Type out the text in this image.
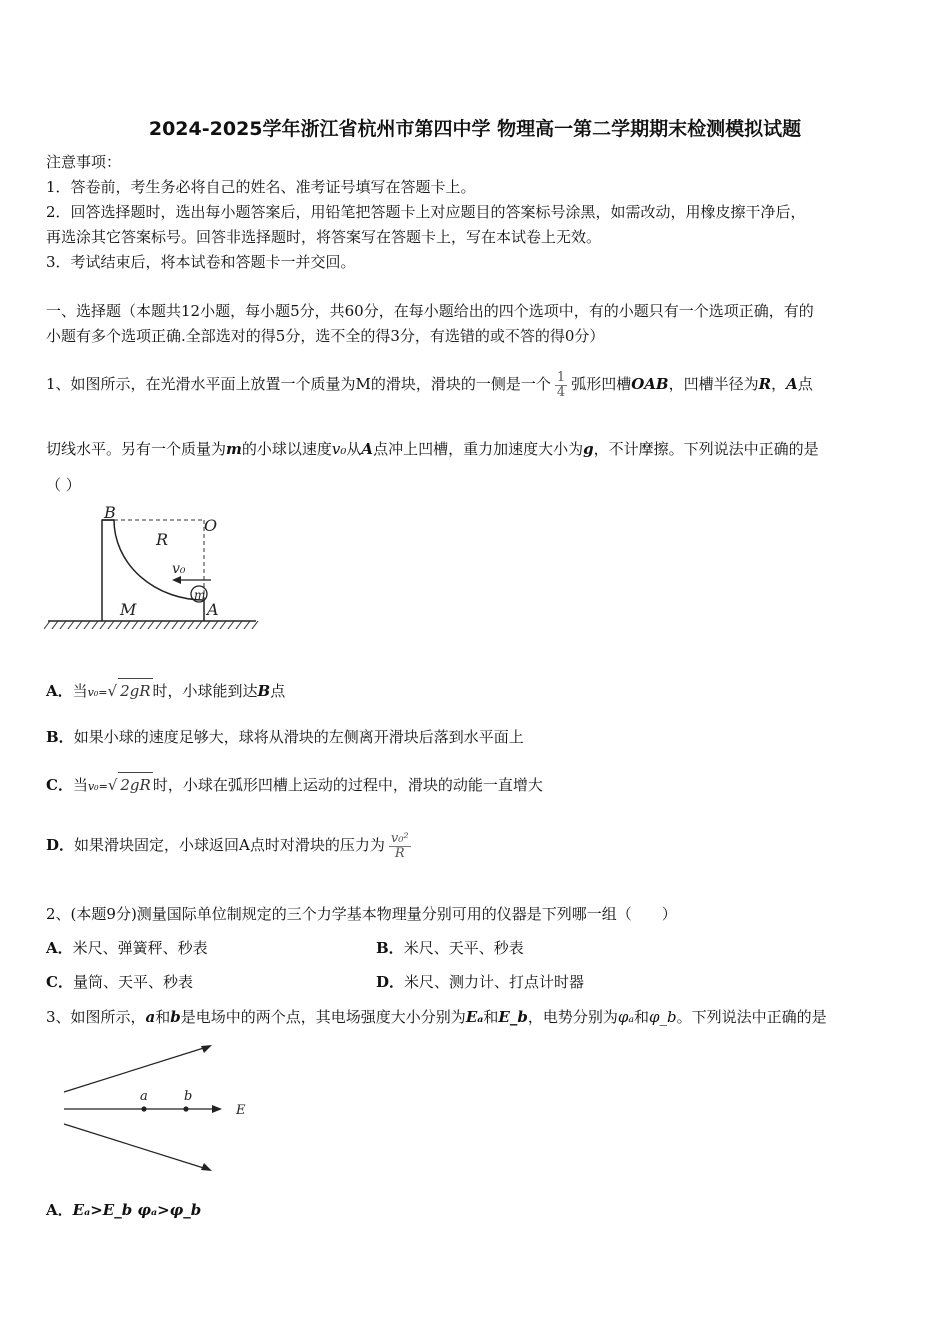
2024-2025学年浙江省杭州市第四中学 物理高一第二学期期末检测模拟试题
注意事项：
1．答卷前，考生务必将自己的姓名、准考证号填写在答题卡上。
2．回答选择题时，选出每小题答案后，用铅笔把答题卡上对应题目的答案标号涂黑，如需改动，用橡皮擦干净后，
再选涂其它答案标号。回答非选择题时，将答案写在答题卡上，写在本试卷上无效。
3．考试结束后，将本试卷和答题卡一并交回。
一、选择题（本题共12小题，每小题5分，共60分，在每小题给出的四个选项中，有的小题只有一个选项正确，有的
小题有多个选项正确.全部选对的得5分，选不全的得3分，有选错的或不答的得0分）
1、如图所示，在光滑水平面上放置一个质量为M的滑块，滑块的一侧是一个 $\frac{1}{4}$ 弧形凹槽OAB，凹槽半径为R，A点
切线水平。另有一个质量为m的小球以速度v₀从A点冲上凹槽，重力加速度大小为g，不计摩擦。下列说法中正确的是
（ ）
B
O
R
v₀
m
M	A
A．当v₀=√ 2gR 时，小球能到达B点
B．如果小球的速度足够大，球将从滑块的左侧离开滑块后落到水平面上
C．当v₀=√ 2gR 时，小球在弧形凹槽上运动的过程中，滑块的动能一直增大
D．如果滑块固定，小球返回A点时对滑块的压力为 $\frac{\text{v₀²}}{R}$
2、(本题9分)测量国际单位制规定的三个力学基本物理量分别可用的仪器是下列哪一组（　　）
A．米尺、弹簧秤、秒表	B．米尺、天平、秒表
C．量筒、天平、秒表	D．米尺、测力计、打点计时器
3、如图所示，a和b是电场中的两个点，其电场强度大小分别为Eₐ和E_b，电势分别为φₐ和φ_b。下列说法中正确的是
a	b
E
A．Eₐ>E_b φₐ>φ_b
